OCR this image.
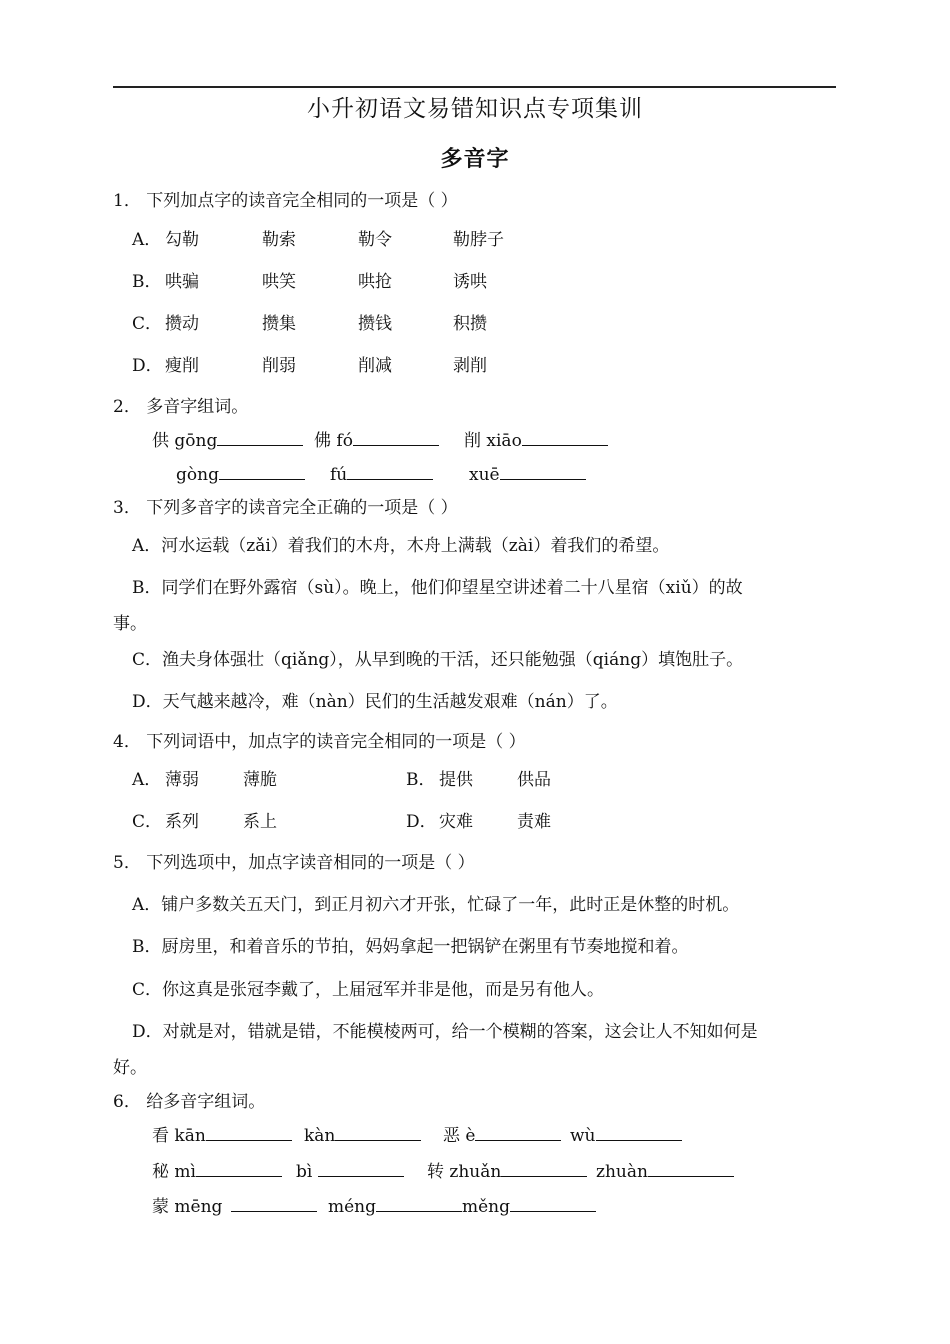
小升初语文易错知识点专项集训
多音字
1． 下列加点字的读音完全相同的一项是（ ）
A． 勾勒	勒索	勒令	勒脖子
B． 哄骗	哄笑	哄抢	诱哄
C． 攒动	攒集	攒钱	积攒
D． 瘦削	削弱	削减	剥削
2． 多音字组词。
供 gōng	佛 fó	削 xiāo
gòng	fú	xuē
3． 下列多音字的读音完全正确的一项是（ ）
A．河水运载（zǎi）着我们的木舟，木舟上满载（zài）着我们的希望。
B．同学们在野外露宿（sù）。晚上，他们仰望星空讲述着二十八星宿（xiǔ）的故
事。
C．渔夫身体强壮（qiǎng），从早到晚的干活，还只能勉强（qiáng）填饱肚子。
D．天气越来越冷，难（nàn）民们的生活越发艰难（nán）了。
4． 下列词语中，加点字的读音完全相同的一项是（ ）
A． 薄弱	薄脆	B． 提供	供品
C． 系列	系上	D． 灾难	责难
5． 下列选项中，加点字读音相同的一项是（ ）
A．铺户多数关五天门，到正月初六才开张，忙碌了一年，此时正是休整的时机。
B．厨房里，和着音乐的节拍，妈妈拿起一把锅铲在粥里有节奏地搅和着。
C．你这真是张冠李戴了，上届冠军并非是他，而是另有他人。
D．对就是对，错就是错，不能模棱两可，给一个模糊的答案，这会让人不知如何是
好。
6． 给多音字组词。
看 kān	kàn	恶 è	wù
秘 mì	bì	转 zhuǎn	zhuàn
蒙 mēng	méng	měng
